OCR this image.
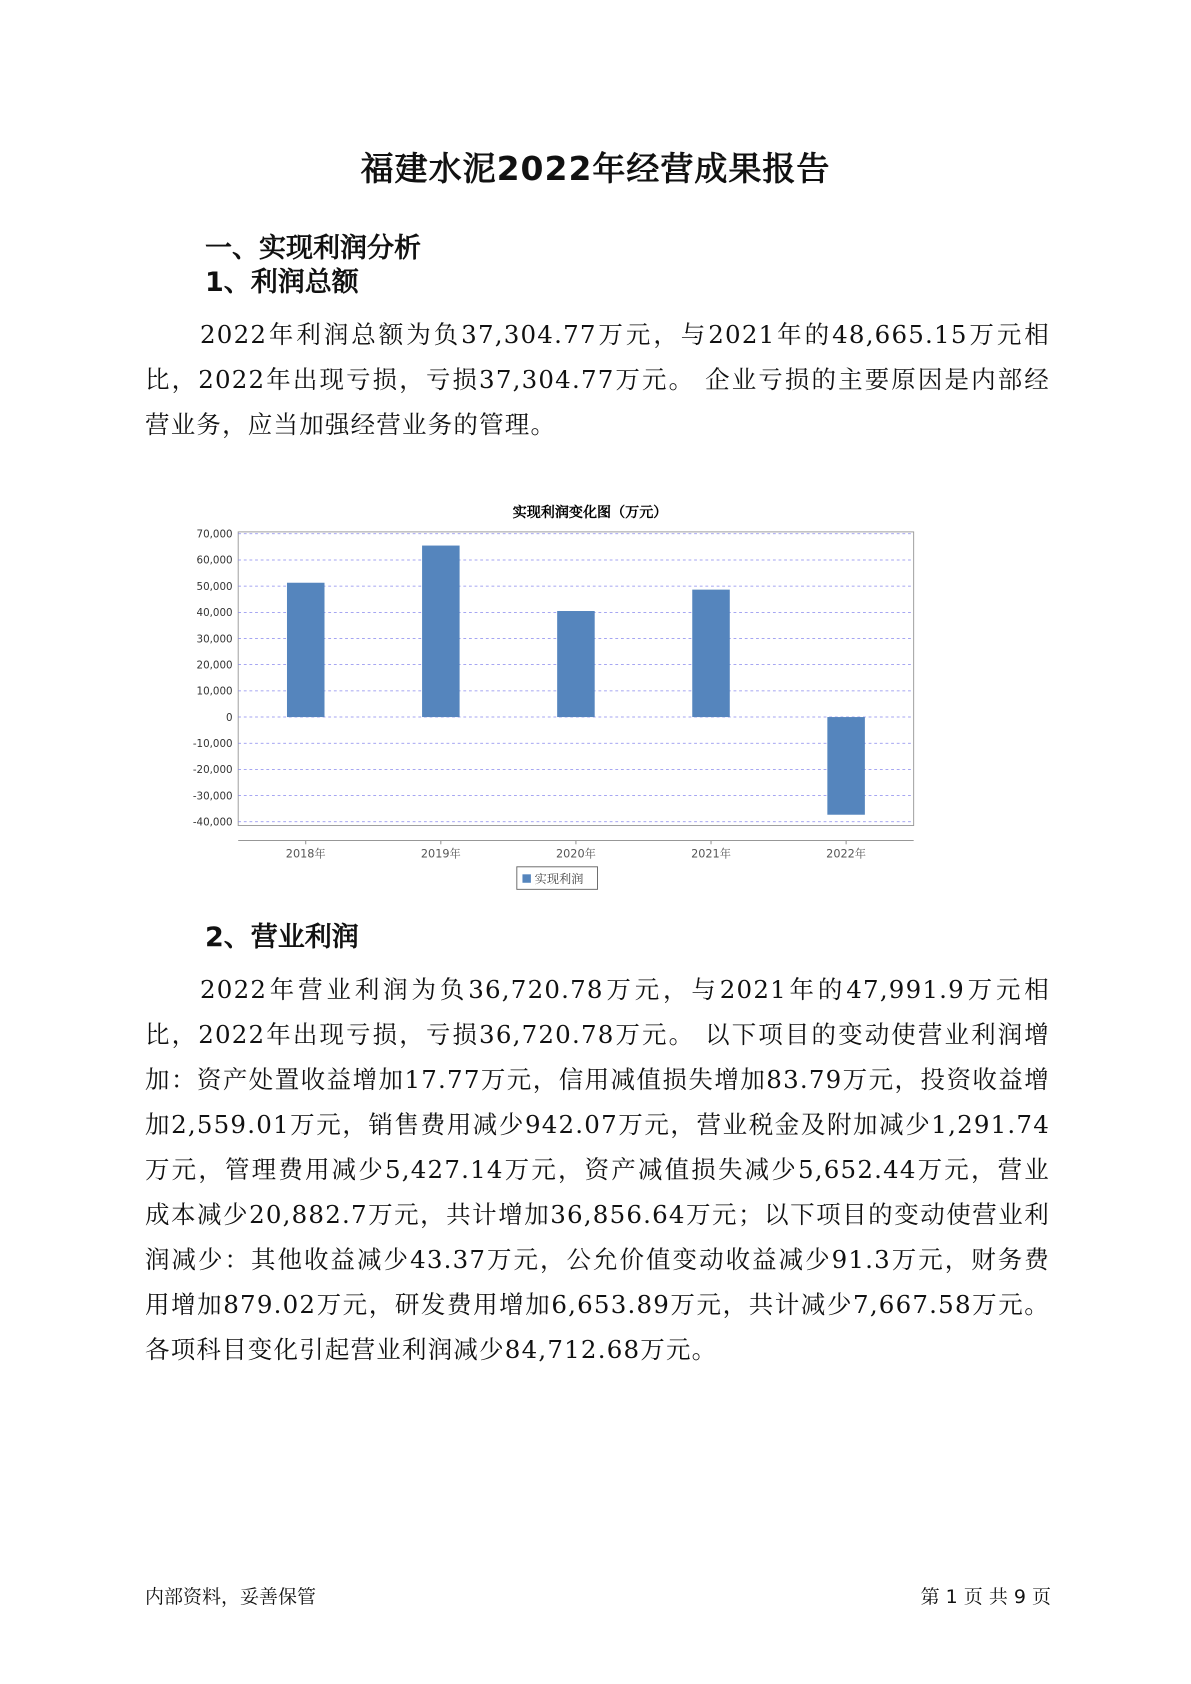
福建水泥2022年经营成果报告
一、实现利润分析
1、利润总额
2022年利润总额为负37,304.77万元，与2021年的48,665.15万元相比，2022年出现亏损，亏损37,304.77万元。 企业亏损的主要原因是内部经营业务，应当加强经营业务的管理。
实现利润变化图（万元）
70,000
60,000
50,000
40,000
30,000
20,000
10,000
0
-10,000
-20,000
-30,000
-40,000
2018年	2019年	2020年	2021年	2022年
实现利润
2、营业利润
2022年营业利润为负36,720.78万元，与2021年的47,991.9万元相比，2022年出现亏损，亏损36,720.78万元。 以下项目的变动使营业利润增加：资产处置收益增加17.77万元，信用减值损失增加83.79万元，投资收益增加2,559.01万元，销售费用减少942.07万元，营业税金及附加减少1,291.74万元，管理费用减少5,427.14万元，资产减值损失减少5,652.44万元，营业成本减少20,882.7万元，共计增加36,856.64万元；以下项目的变动使营业利润减少：其他收益减少43.37万元，公允价值变动收益减少91.3万元，财务费用增加879.02万元，研发费用增加6,653.89万元，共计减少7,667.58万元。各项科目变化引起营业利润减少84,712.68万元。
内部资料，妥善保管	第 1 页 共 9 页
